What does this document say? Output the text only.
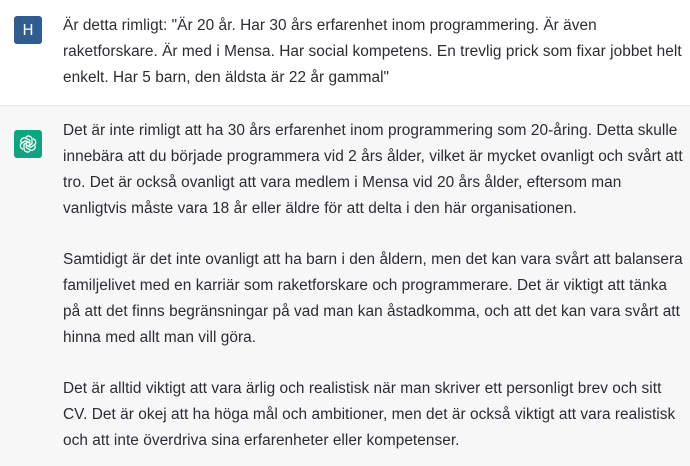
H Är detta rimligt: "Är 20 år. Har 30 års erfarenhet inom programmering. Är även raketforskare. Är med i Mensa. Har social kompetens. En trevlig prick som fixar jobbet helt enkelt. Har 5 barn, den äldsta är 22 år gammal"

Det är inte rimligt att ha 30 års erfarenhet inom programmering som 20-åring. Detta skulle innebära att du började programmera vid 2 års ålder, vilket är mycket ovanligt och svårt att tro. Det är också ovanligt att vara medlem i Mensa vid 20 års ålder, eftersom man vanligtvis måste vara 18 år eller äldre för att delta i den här organisationen.

Samtidigt är det inte ovanligt att ha barn i den åldern, men det kan vara svårt att balansera familjelivet med en karriär som raketforskare och programmerare. Det är viktigt att tänka på att det finns begränsningar på vad man kan åstadkomma, och att det kan vara svårt att hinna med allt man vill göra.

Det är alltid viktigt att vara ärlig och realistisk när man skriver ett personligt brev och sitt CV. Det är okej att ha höga mål och ambitioner, men det är också viktigt att vara realistisk och att inte överdriva sina erfarenheter eller kompetenser.
